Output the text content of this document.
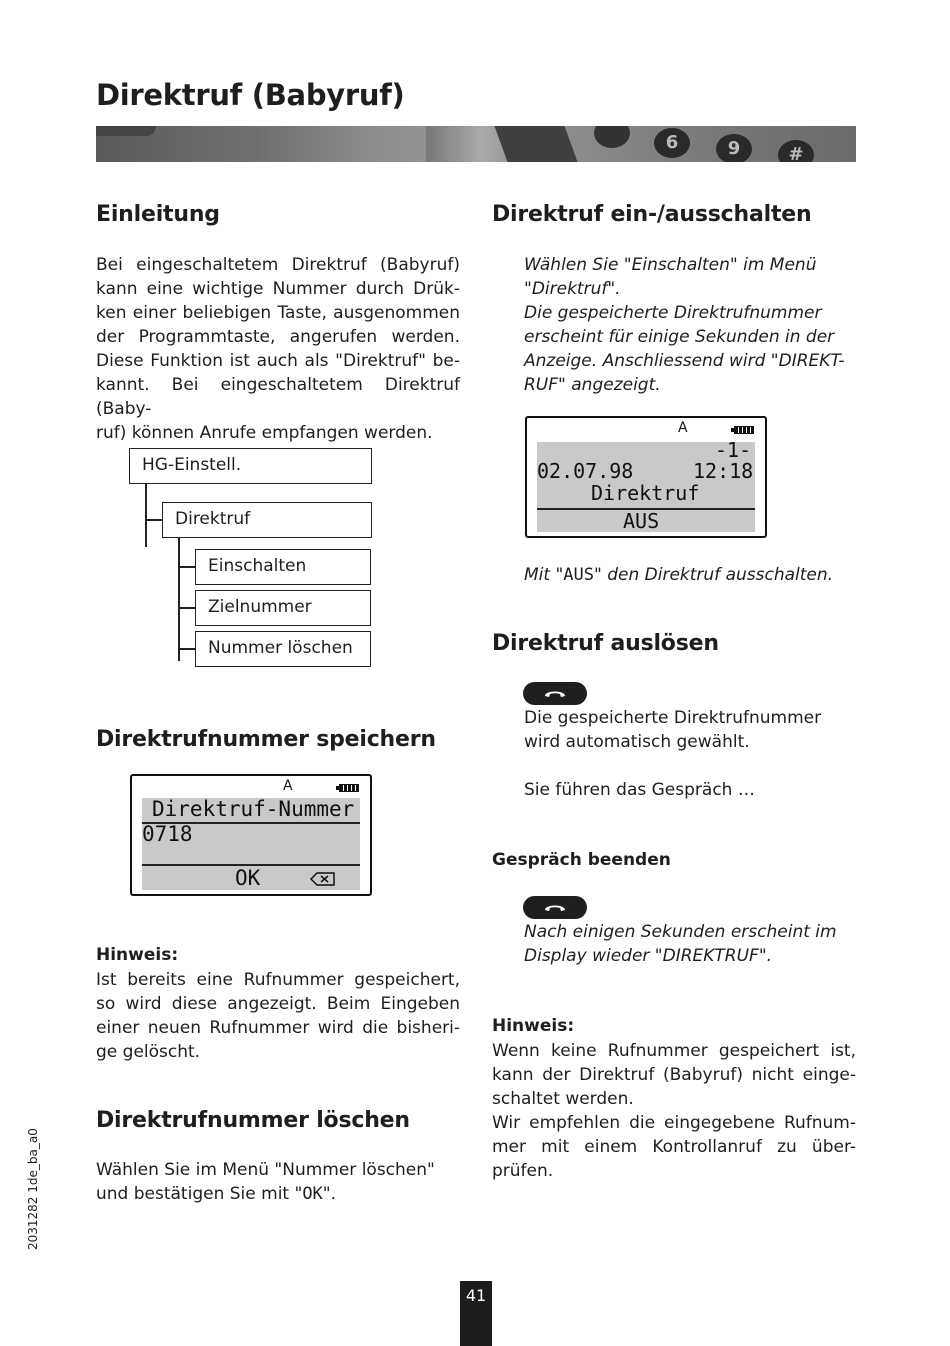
Direktruf (Babyruf)
6	9	#
Einleitung
Bei eingeschaltetem Direktruf (Babyruf)
kann eine wichtige Nummer durch Drük-
ken einer beliebigen Taste, ausgenommen
der Programmtaste, angerufen werden.
Diese Funktion ist auch als "Direktruf" be-
kannt. Bei eingeschaltetem Direktruf (Baby-
ruf) können Anrufe empfangen werden.
HG-Einstell.
Direktruf
Einschalten
Zielnummer
Nummer löschen
Direktrufnummer speichern
A
Direktruf-Nummer
0718
OK
Hinweis:
Ist bereits eine Rufnummer gespeichert,
so wird diese angezeigt. Beim Eingeben
einer neuen Rufnummer wird die bisheri-
ge gelöscht.
Direktrufnummer löschen
Wählen Sie im Menü "Nummer löschen"
und bestätigen Sie mit "OK".
Direktruf ein-/ausschalten
Wählen Sie "Einschalten" im Menü
"Direktruf".
Die gespeicherte Direktrufnummer
erscheint für einige Sekunden in der
Anzeige. Anschliessend wird "DIREKT-
RUF" angezeigt.
A
-1-
02.07.98	12:18
Direktruf
AUS
Mit "AUS" den Direktruf ausschalten.
Direktruf auslösen
Die gespeicherte Direktrufnummer
wird automatisch gewählt.
Sie führen das Gespräch …
Gespräch beenden
Nach einigen Sekunden erscheint im
Display wieder "DIREKTRUF".
Hinweis:
Wenn keine Rufnummer gespeichert ist,
kann der Direktruf (Babyruf) nicht einge-
schaltet werden.
Wir empfehlen die eingegebene Rufnum-
mer mit einem Kontrollanruf zu über-
prüfen.
2031282 1de_ba_a0
41
